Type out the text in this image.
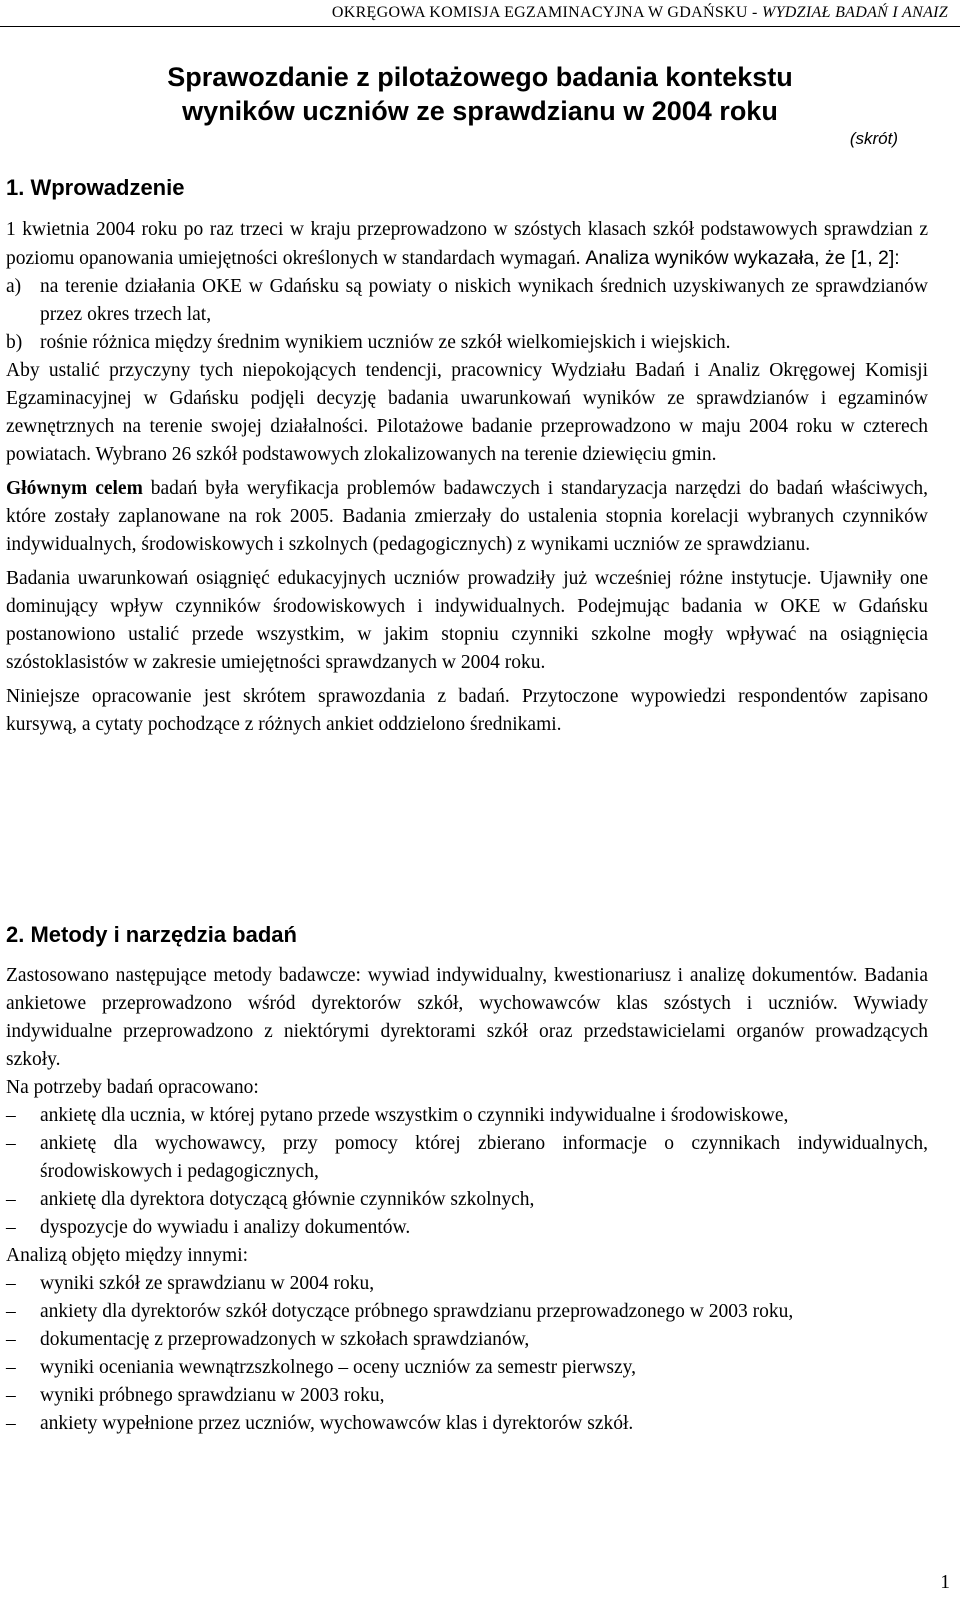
OKRĘGOWA KOMISJA EGZAMINACYJNA W GDAŃSKU - WYDZIAŁ BADAŃ I ANAIZ
Sprawozdanie z pilotażowego badania kontekstu
wyników uczniów ze sprawdzianu w 2004 roku
(skrót)
1. Wprowadzenie

1 kwietnia 2004 roku po raz trzeci w kraju przeprowadzono w szóstych klasach szkół podstawowych sprawdzian z poziomu opanowania umiejętności określonych w standardach wymagań. Analiza wyników wykazała, że [1, 2]:

a) na terenie działania OKE w Gdańsku są powiaty o niskich wynikach średnich uzyskiwanych ze sprawdzianów przez okres trzech lat,
b) rośnie różnica między średnim wynikiem uczniów ze szkół wielkomiejskich i wiejskich.

Aby ustalić przyczyny tych niepokojących tendencji, pracownicy Wydziału Badań i Analiz Okręgowej Komisji Egzaminacyjnej w Gdańsku podjęli decyzję badania uwarunkowań wyników ze sprawdzianów i egzaminów zewnętrznych na terenie swojej działalności. Pilotażowe badanie przeprowadzono w maju 2004 roku w czterech powiatach. Wybrano 26 szkół podstawowych zlokalizowanych na terenie dziewięciu gmin.

Głównym celem badań była weryfikacja problemów badawczych i standaryzacja narzędzi do badań właściwych, które zostały zaplanowane na rok 2005. Badania zmierzały do ustalenia stopnia korelacji wybranych czynników indywidualnych, środowiskowych i szkolnych (pedagogicznych) z wynikami uczniów ze sprawdzianu.

Badania uwarunkowań osiągnięć edukacyjnych uczniów prowadziły już wcześniej różne instytucje. Ujawniły one dominujący wpływ czynników środowiskowych i indywidualnych. Podejmując badania w OKE w Gdańsku postanowiono ustalić przede wszystkim, w jakim stopniu czynniki szkolne mogły wpływać na osiągnięcia szóstoklasistów w zakresie umiejętności sprawdzanych w 2004 roku.

Niniejsze opracowanie jest skrótem sprawozdania z badań. Przytoczone wypowiedzi respondentów zapisano kursywą, a cytaty pochodzące z różnych ankiet oddzielono średnikami.

2. Metody i narzędzia badań

Zastosowano następujące metody badawcze: wywiad indywidualny, kwestionariusz i analizę dokumentów. Badania ankietowe przeprowadzono wśród dyrektorów szkół, wychowawców klas szóstych i uczniów. Wywiady indywidualne przeprowadzono z niektórymi dyrektorami szkół oraz przedstawicielami organów prowadzących szkoły.

Na potrzeby badań opracowano:

– ankietę dla ucznia, w której pytano przede wszystkim o czynniki indywidualne i środowiskowe,
– ankietę dla wychowawcy, przy pomocy której zbierano informacje o czynnikach indywidualnych, środowiskowych i pedagogicznych,
– ankietę dla dyrektora dotyczącą głównie czynników szkolnych,
– dyspozycje do wywiadu i analizy dokumentów.

Analizą objęto między innymi:

– wyniki szkół ze sprawdzianu w 2004 roku,
– ankiety dla dyrektorów szkół dotyczące próbnego sprawdzianu przeprowadzonego w 2003 roku,
– dokumentację z przeprowadzonych w szkołach sprawdzianów,
– wyniki oceniania wewnątrzszkolnego – oceny uczniów za semestr pierwszy,
– wyniki próbnego sprawdzianu w 2003 roku,
– ankiety wypełnione przez uczniów, wychowawców klas i dyrektorów szkół.
1
